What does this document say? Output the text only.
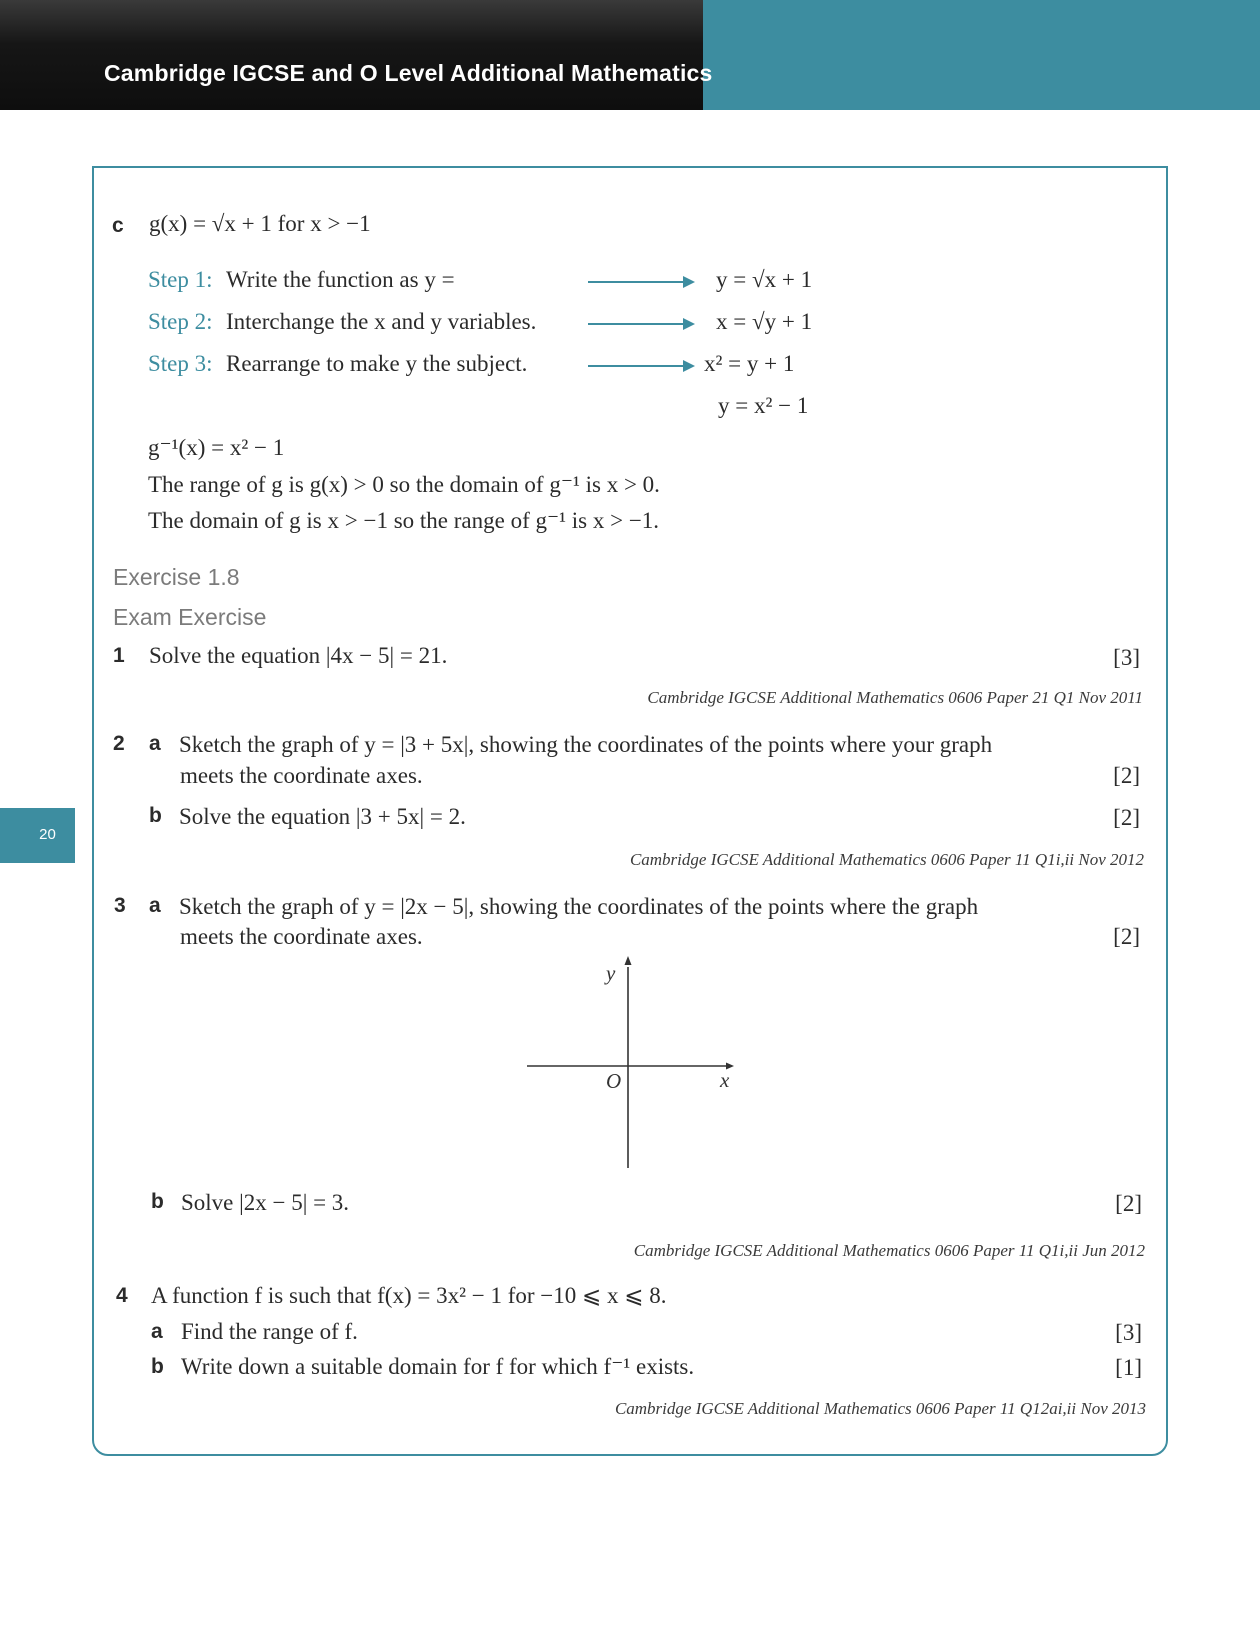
Cambridge IGCSE and O Level Additional Mathematics
20
c g(x) = √x + 1 for x > −1
Step 1: Write the function as y =	y = √x + 1
Step 2: Interchange the x and y variables.	x = √y + 1
Step 3: Rearrange to make y the subject.	x² = y + 1
y = x² − 1
g⁻¹(x) = x² − 1
The range of g is g(x) > 0 so the domain of g⁻¹ is x > 0.
The domain of g is x > −1 so the range of g⁻¹ is x > −1.
Exercise 1.8
Exam Exercise
1 Solve the equation |4x − 5| = 21.	[3]
Cambridge IGCSE Additional Mathematics 0606 Paper 21 Q1 Nov 2011
2 a Sketch the graph of y = |3 + 5x|, showing the coordinates of the points where your graph
meets the coordinate axes.	[2]
b Solve the equation |3 + 5x| = 2.	[2]
Cambridge IGCSE Additional Mathematics 0606 Paper 11 Q1i,ii Nov 2012
3 a Sketch the graph of y = |2x − 5|, showing the coordinates of the points where the graph
meets the coordinate axes.	[2]
y
x
O
b Solve |2x − 5| = 3.	[2]
Cambridge IGCSE Additional Mathematics 0606 Paper 11 Q1i,ii Jun 2012
4 A function f is such that f(x) = 3x² − 1 for −10 ⩽ x ⩽ 8.
a Find the range of f.	[3]
b Write down a suitable domain for f for which f⁻¹ exists.	[1]
Cambridge IGCSE Additional Mathematics 0606 Paper 11 Q12ai,ii Nov 2013
